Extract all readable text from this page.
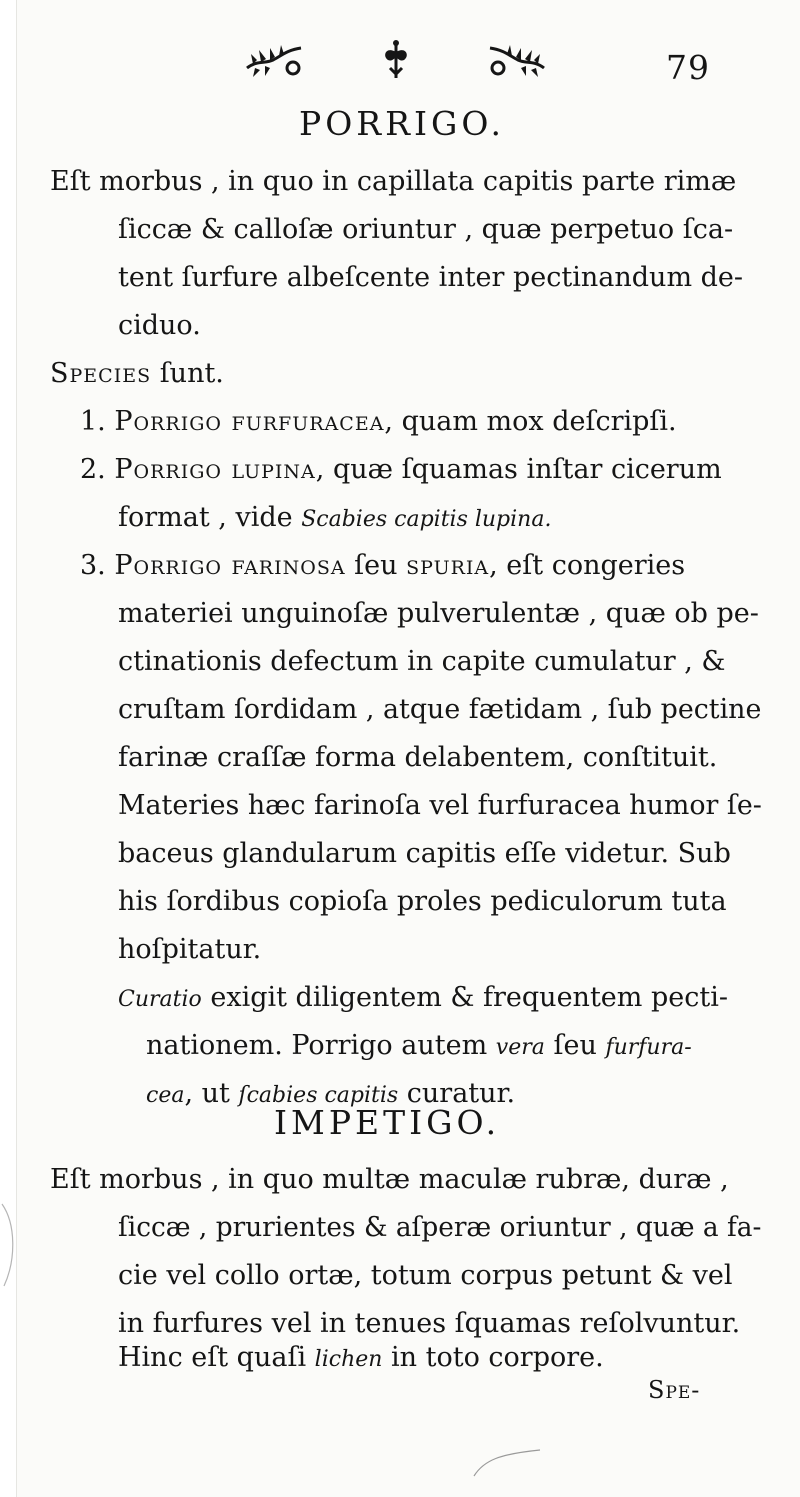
79
PORRIGO.
Eſt morbus , in quo in capillata capitis parte rimæ
ſiccæ & calloſæ oriuntur , quæ perpetuo ſca-
tent ſurfure albeſcente inter pectinandum de-
ciduo.
Species ſunt.
1. Porrigo furfuracea, quam mox deſcripſi.
2. Porrigo lupina, quæ ſquamas inſtar cicerum
format , vide Scabies capitis lupina.
3. Porrigo farinosa ſeu spuria, eſt congeries
materiei unguinoſæ pulverulentæ , quæ ob pe-
ctinationis defectum in capite cumulatur , &
cruſtam ſordidam , atque fætidam , ſub pectine
farinæ craſſæ forma delabentem, conſtituit.
Materies hæc farinoſa vel furfuracea humor ſe-
baceus glandularum capitis eſſe videtur. Sub
his ſordibus copioſa proles pediculorum tuta
hoſpitatur.
Curatio exigit diligentem & frequentem pecti-
nationem. Porrigo autem vera ſeu furfura-
cea, ut ſcabies capitis curatur.
IMPETIGO.
Eſt morbus , in quo multæ maculæ rubræ, duræ ,
ſiccæ , prurientes & aſperæ oriuntur , quæ a fa-
cie vel collo ortæ, totum corpus petunt & vel
in furfures vel in tenues ſquamas reſolvuntur.
Hinc eſt quaſi lichen in toto corpore.
Spe-
